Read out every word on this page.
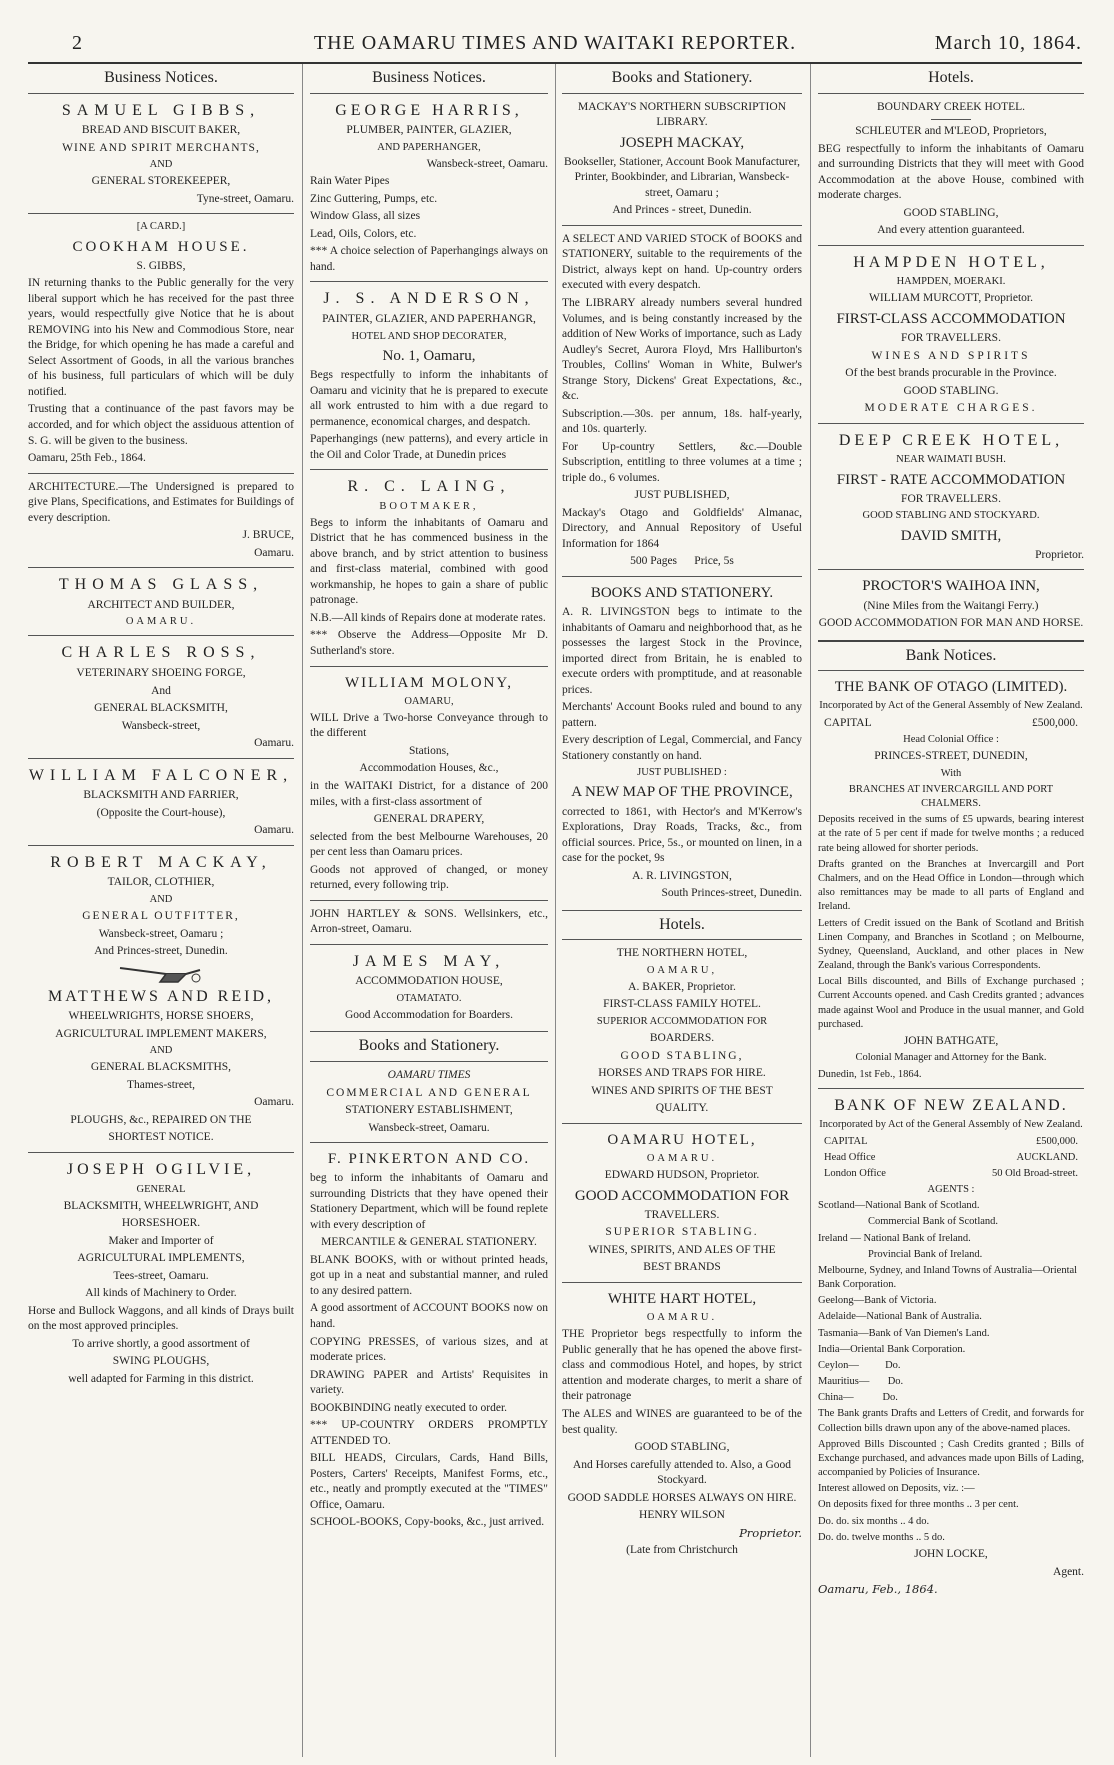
2	THE OAMARU TIMES AND WAITAKI REPORTER.	March 10, 1864.
Business Notices.

SAMUEL GIBBS,

BREAD AND BISCUIT BAKER,

WINE AND SPIRIT MERCHANTS,

AND

GENERAL STOREKEEPER,

Tyne-street, Oamaru.

[A CARD.]

COOKHAM HOUSE.

S. GIBBS,

IN returning thanks to the Public generally for the very liberal support which he has received for the past three years, would respectfully give Notice that he is about REMOVING into his New and Commodious Store, near the Bridge, for which opening he has made a careful and Select Assortment of Goods, in all the various branches of his business, full particulars of which will be duly notified.

Trusting that a continuance of the past favors may be accorded, and for which object the assiduous attention of S. G. will be given to the business.

Oamaru, 25th Feb., 1864.

ARCHITECTURE.—The Undersigned is prepared to give Plans, Specifications, and Estimates for Buildings of every description.

J. BRUCE,

Oamaru.

THOMAS GLASS,

ARCHITECT AND BUILDER,

OAMARU.

CHARLES ROSS,

VETERINARY SHOEING FORGE,

And

GENERAL BLACKSMITH,

Wansbeck-street,

Oamaru.

WILLIAM FALCONER,

BLACKSMITH AND FARRIER,

(Opposite the Court-house),

Oamaru.

ROBERT MACKAY,

TAILOR, CLOTHIER,

AND

GENERAL OUTFITTER,

Wansbeck-street, Oamaru ;

And Princes-street, Dunedin.

MATTHEWS AND REID,

WHEELWRIGHTS, HORSE SHOERS,

AGRICULTURAL IMPLEMENT MAKERS,

AND

GENERAL BLACKSMITHS,

Thames-street,

Oamaru.

PLOUGHS, &c., REPAIRED ON THE

SHORTEST NOTICE.

JOSEPH OGILVIE,

GENERAL

BLACKSMITH, WHEELWRIGHT, AND

HORSESHOER.

Maker and Importer of

AGRICULTURAL IMPLEMENTS,

Tees-street, Oamaru.

All kinds of Machinery to Order.

Horse and Bullock Waggons, and all kinds of Drays built on the most approved principles.

To arrive shortly, a good assortment of

SWING PLOUGHS,

well adapted for Farming in this district.

Business Notices.

GEORGE HARRIS,

PLUMBER, PAINTER, GLAZIER,

AND PAPERHANGER,

Wansbeck-street, Oamaru.

Rain Water Pipes

Zinc Guttering, Pumps, etc.

Window Glass, all sizes

Lead, Oils, Colors, etc.

*** A choice selection of Paperhangings always on hand.

J. S. ANDERSON,

PAINTER, GLAZIER, AND PAPERHANGR,

HOTEL AND SHOP DECORATER,

No. 1, Oamaru,

Begs respectfully to inform the inhabitants of Oamaru and vicinity that he is prepared to execute all work entrusted to him with a due regard to permanence, economical charges, and despatch.

Paperhangings (new patterns), and every article in the Oil and Color Trade, at Dunedin prices

R. C. LAING,

BOOTMAKER,

Begs to inform the inhabitants of Oamaru and District that he has commenced business in the above branch, and by strict attention to business and first-class material, combined with good workmanship, he hopes to gain a share of public patronage.

N.B.—All kinds of Repairs done at moderate rates.

*** Observe the Address—Opposite Mr D. Sutherland's store.

WILLIAM MOLONY,

OAMARU,

WILL Drive a Two-horse Conveyance through to the different

Stations,

Accommodation Houses, &c.,

in the WAITAKI District, for a distance of 200 miles, with a first-class assortment of

GENERAL DRAPERY,

selected from the best Melbourne Warehouses, 20 per cent less than Oamaru prices.

Goods not approved of changed, or money returned, every following trip.

JOHN HARTLEY & SONS. Wellsinkers, etc., Arron-street, Oamaru.

JAMES MAY,

ACCOMMODATION HOUSE,

OTAMATATO.

Good Accommodation for Boarders.

Books and Stationery.

OAMARU TIMES

COMMERCIAL AND GENERAL

STATIONERY ESTABLISHMENT,

Wansbeck-street, Oamaru.

F. PINKERTON AND CO.

beg to inform the inhabitants of Oamaru and surrounding Districts that they have opened their Stationery Department, which will be found replete with every description of

MERCANTILE & GENERAL STATIONERY.

BLANK BOOKS, with or without printed heads, got up in a neat and substantial manner, and ruled to any desired pattern.

A good assortment of ACCOUNT BOOKS now on hand.

COPYING PRESSES, of various sizes, and at moderate prices.

DRAWING PAPER and Artists' Requisites in variety.

BOOKBINDING neatly executed to order.

*** UP-COUNTRY ORDERS PROMPTLY ATTENDED TO.

BILL HEADS, Circulars, Cards, Hand Bills, Posters, Carters' Receipts, Manifest Forms, etc., etc., neatly and promptly executed at the "TIMES" Office, Oamaru.

SCHOOL-BOOKS, Copy-books, &c., just arrived.

Books and Stationery.

MACKAY'S NORTHERN SUBSCRIPTION LIBRARY.

JOSEPH MACKAY,

Bookseller, Stationer, Account Book Manufacturer, Printer, Bookbinder, and Librarian, Wansbeck-street, Oamaru ;

And Princes - street, Dunedin.

A SELECT AND VARIED STOCK of BOOKS and STATIONERY, suitable to the requirements of the District, always kept on hand. Up-country orders executed with every despatch.

The LIBRARY already numbers several hundred Volumes, and is being constantly increased by the addition of New Works of importance, such as Lady Audley's Secret, Aurora Floyd, Mrs Halliburton's Troubles, Collins' Woman in White, Bulwer's Strange Story, Dickens' Great Expectations, &c., &c.

Subscription.—30s. per annum, 18s. half-yearly, and 10s. quarterly.

For Up-country Settlers, &c.—Double Subscription, entitling to three volumes at a time ; triple do., 6 volumes.

JUST PUBLISHED,

Mackay's Otago and Goldfields' Almanac, Directory, and Annual Repository of Useful Information for 1864

500 Pages Price, 5s

BOOKS AND STATIONERY.

A. R. LIVINGSTON begs to intimate to the inhabitants of Oamaru and neighborhood that, as he possesses the largest Stock in the Province, imported direct from Britain, he is enabled to execute orders with promptitude, and at reasonable prices.

Merchants' Account Books ruled and bound to any pattern.

Every description of Legal, Commercial, and Fancy Stationery constantly on hand.

JUST PUBLISHED :

A NEW MAP OF THE PROVINCE,

corrected to 1861, with Hector's and M'Kerrow's Explorations, Dray Roads, Tracks, &c., from official sources. Price, 5s., or mounted on linen, in a case for the pocket, 9s

A. R. LIVINGSTON,

South Princes-street, Dunedin.

Hotels.

THE NORTHERN HOTEL,

OAMARU,

A. BAKER, Proprietor.

FIRST-CLASS FAMILY HOTEL.

SUPERIOR ACCOMMODATION FOR

BOARDERS.

GOOD STABLING,

HORSES AND TRAPS FOR HIRE.

WINES AND SPIRITS OF THE BEST

QUALITY.

OAMARU HOTEL,

OAMARU.

EDWARD HUDSON, Proprietor.

GOOD ACCOMMODATION FOR

TRAVELLERS.

SUPERIOR STABLING.

WINES, SPIRITS, AND ALES OF THE

BEST BRANDS

WHITE HART HOTEL,

OAMARU.

THE Proprietor begs respectfully to inform the Public generally that he has opened the above first-class and commodious Hotel, and hopes, by strict attention and moderate charges, to merit a share of their patronage

The ALES and WINES are guaranteed to be of the best quality.

GOOD STABLING,

And Horses carefully attended to. Also, a Good Stockyard.

GOOD SADDLE HORSES ALWAYS ON HIRE.

HENRY WILSON

Proprietor.

(Late from Christchurch

Hotels.

BOUNDARY CREEK HOTEL.

SCHLEUTER and M'LEOD, Proprietors,

BEG respectfully to inform the inhabitants of Oamaru and surrounding Districts that they will meet with Good Accommodation at the above House, combined with moderate charges.

GOOD STABLING,

And every attention guaranteed.

HAMPDEN HOTEL,

HAMPDEN, MOERAKI.

WILLIAM MURCOTT, Proprietor.

FIRST-CLASS ACCOMMODATION

FOR TRAVELLERS.

WINES AND SPIRITS

Of the best brands procurable in the Province.

GOOD STABLING.

MODERATE CHARGES.

DEEP CREEK HOTEL,

NEAR WAIMATI BUSH.

FIRST - RATE ACCOMMODATION

FOR TRAVELLERS.

GOOD STABLING AND STOCKYARD.

DAVID SMITH,

Proprietor.

PROCTOR'S WAIHOA INN,

(Nine Miles from the Waitangi Ferry.)

GOOD ACCOMMODATION FOR MAN AND HORSE.

Bank Notices.

THE BANK OF OTAGO (LIMITED).

Incorporated by Act of the General Assembly of New Zealand.

CAPITAL	£500,000.

Head Colonial Office :

PRINCES-STREET, DUNEDIN,

With

BRANCHES AT INVERCARGILL AND PORT CHALMERS.

Deposits received in the sums of £5 upwards, bearing interest at the rate of 5 per cent if made for twelve months ; a reduced rate being allowed for shorter periods.

Drafts granted on the Branches at Invercargill and Port Chalmers, and on the Head Office in London—through which also remittances may be made to all parts of England and Ireland.

Letters of Credit issued on the Bank of Scotland and British Linen Company, and Branches in Scotland ; on Melbourne, Sydney, Queensland, Auckland, and other places in New Zealand, through the Bank's various Correspondents.

Local Bills discounted, and Bills of Exchange purchased ; Current Accounts opened. and Cash Credits granted ; advances made against Wool and Produce in the usual manner, and Gold purchased.

JOHN BATHGATE,

Colonial Manager and Attorney for the Bank.

Dunedin, 1st Feb., 1864.

BANK OF NEW ZEALAND.

Incorporated by Act of the General Assembly of New Zealand.

CAPITAL	£500,000.

Head Office	AUCKLAND.

London Office	50 Old Broad-street.

AGENTS :

Scotland—National Bank of Scotland.

Commercial Bank of Scotland.

Ireland — National Bank of Ireland.

Provincial Bank of Ireland.

Melbourne, Sydney, and Inland Towns of Australia—Oriental Bank Corporation.

Geelong—Bank of Victoria.

Adelaide—National Bank of Australia.

Tasmania—Bank of Van Diemen's Land.

India—Oriental Bank Corporation.

Ceylon—          Do.

Mauritius—       Do.

China—           Do.

The Bank grants Drafts and Letters of Credit, and forwards for Collection bills drawn upon any of the above-named places.

Approved Bills Discounted ; Cash Credits granted ; Bills of Exchange purchased, and advances made upon Bills of Lading, accompanied by Policies of Insurance.

Interest allowed on Deposits, viz. :—

On deposits fixed for three months .. 3 per cent.

Do. do. six months .. 4 do.

Do. do. twelve months .. 5 do.

JOHN LOCKE,

Agent.

Oamaru, Feb., 1864.
